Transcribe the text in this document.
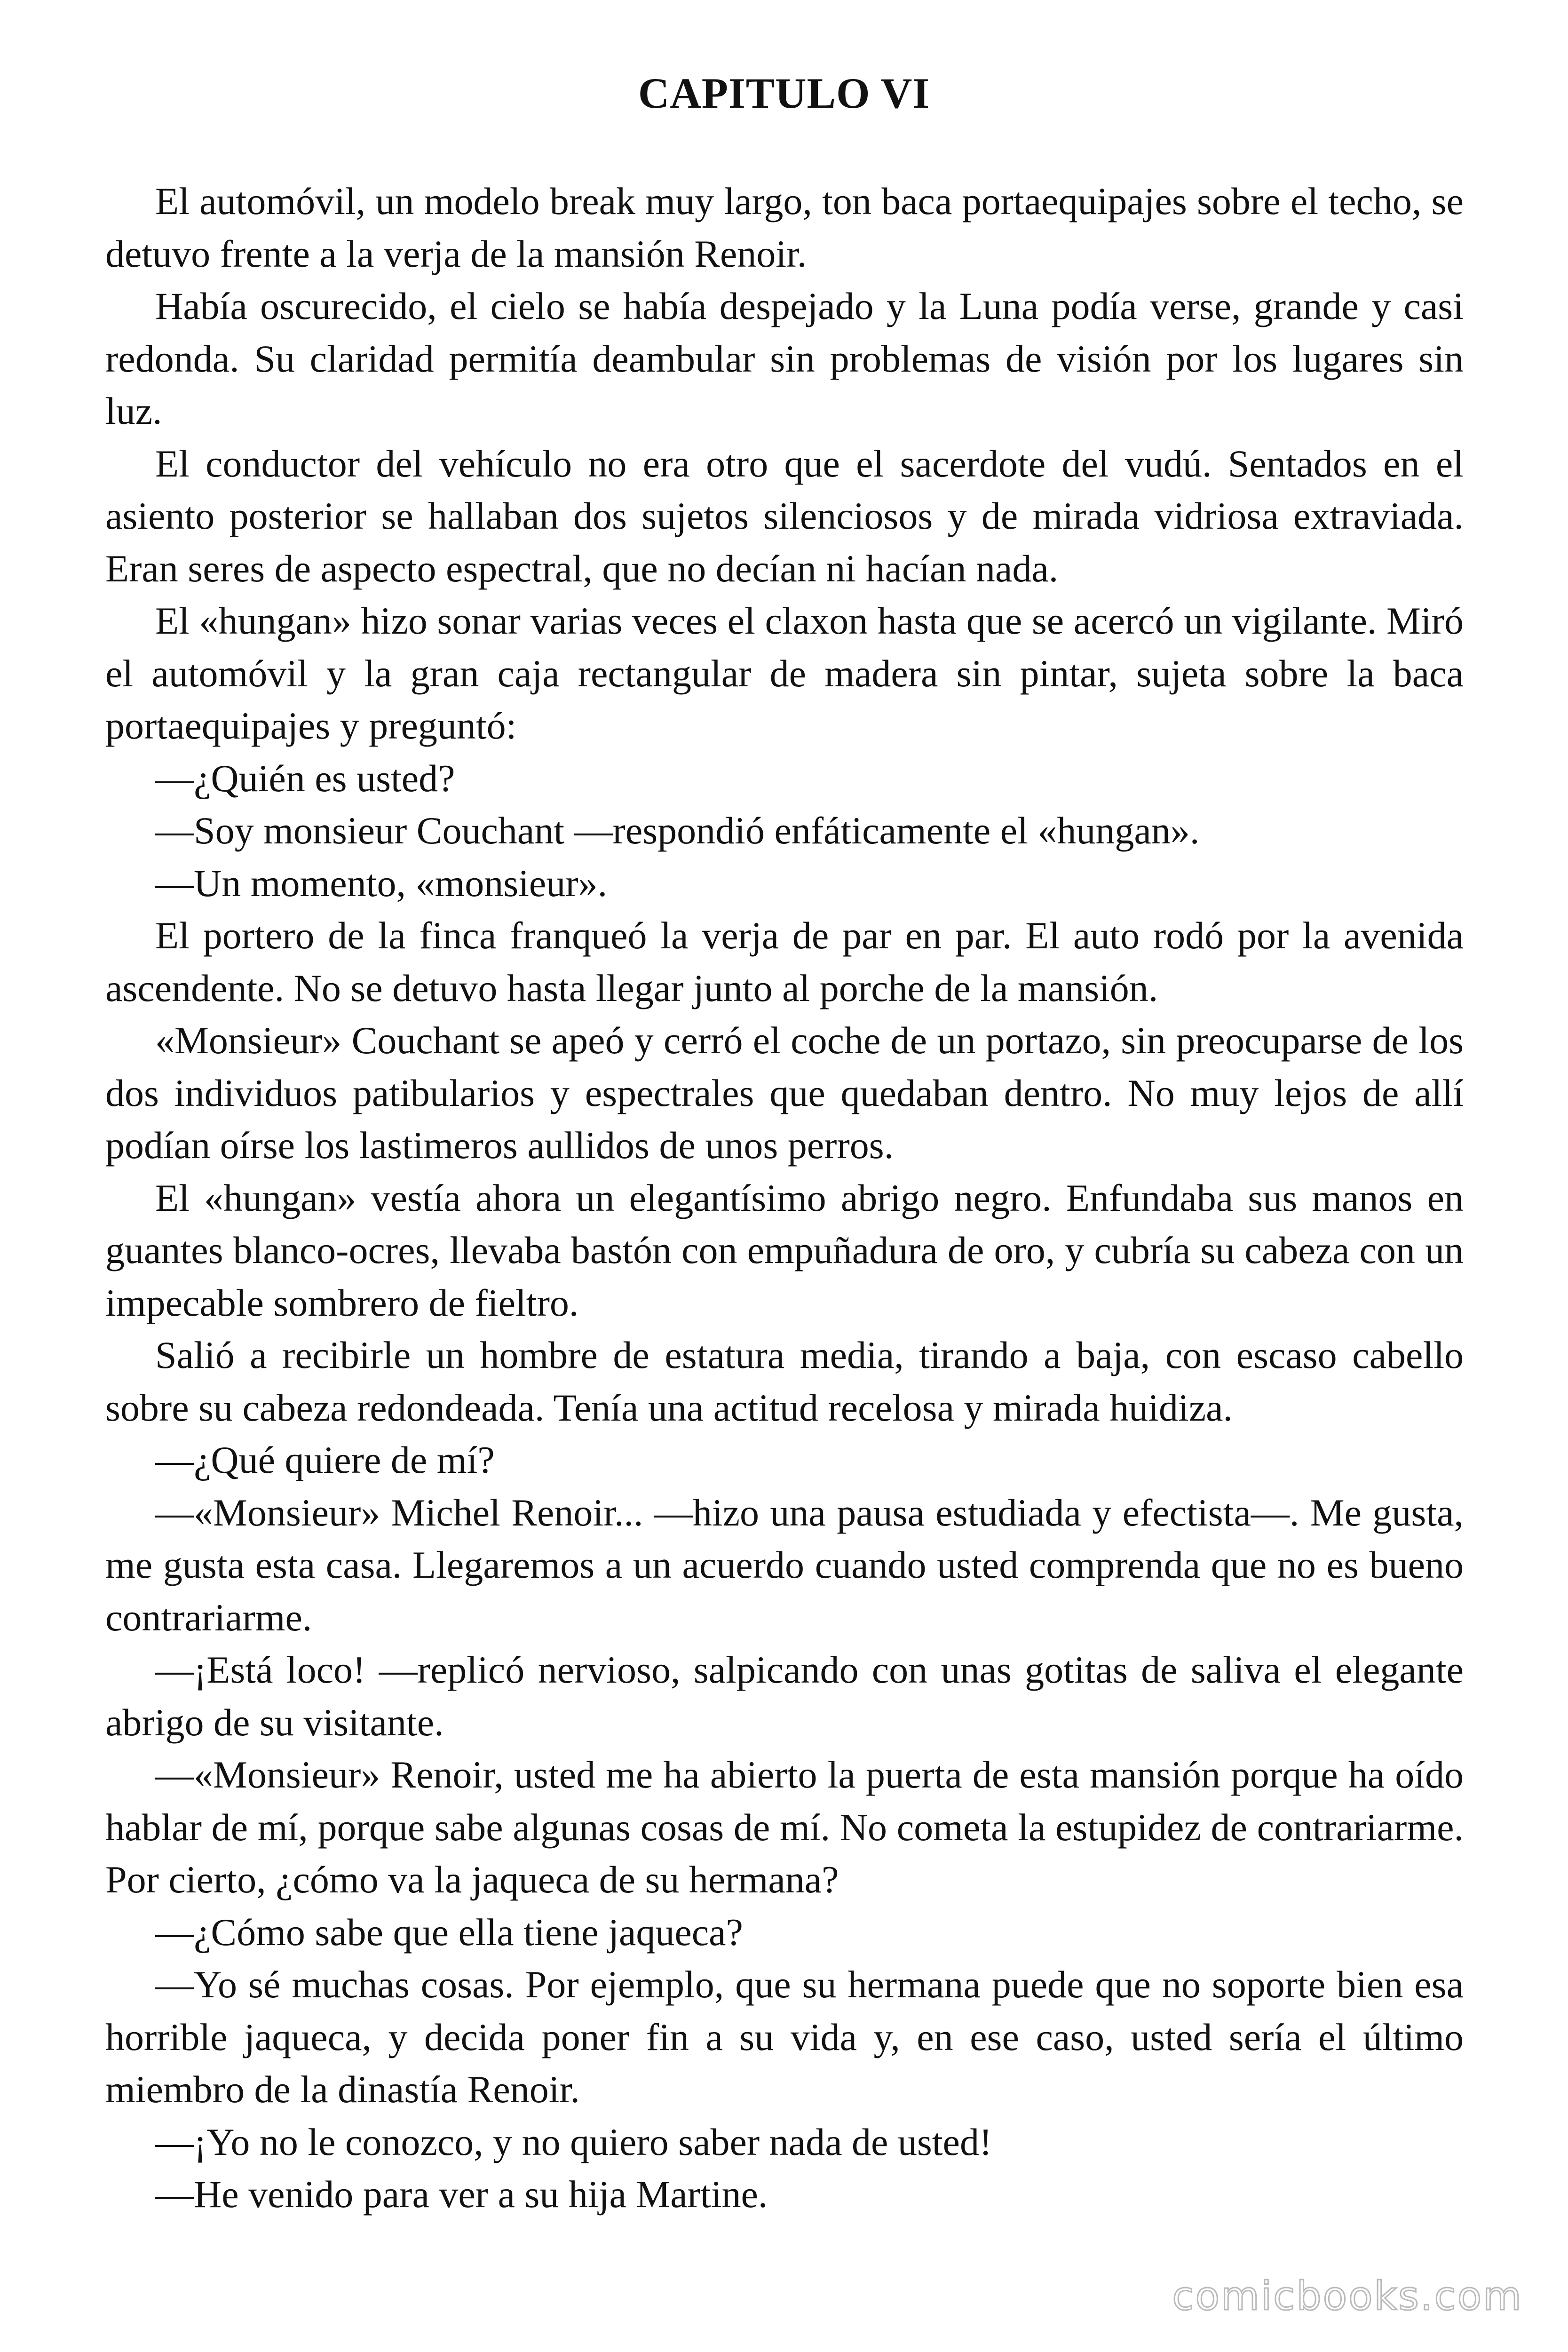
CAPITULO VI

El automóvil, un modelo break muy largo, ton baca portaequipajes sobre el techo, se detuvo frente a la verja de la mansión Renoir.

Había oscurecido, el cielo se había despejado y la Luna podía verse, grande y casi redonda. Su claridad permitía deambular sin problemas de visión por los lugares sin luz.

El conductor del vehículo no era otro que el sacerdote del vudú. Sentados en el asiento posterior se hallaban dos sujetos silenciosos y de mirada vidriosa extraviada. Eran seres de aspecto espectral, que no decían ni hacían nada.

El «hungan» hizo sonar varias veces el claxon hasta que se acercó un vigilante. Miró el automóvil y la gran caja rectangular de madera sin pintar, sujeta sobre la baca portaequipajes y preguntó:

—¿Quién es usted?

—Soy monsieur Couchant —respondió enfáticamente el «hungan».

—Un momento, «monsieur».

El portero de la finca franqueó la verja de par en par. El auto rodó por la avenida ascendente. No se detuvo hasta llegar junto al porche de la mansión.

«Monsieur» Couchant se apeó y cerró el coche de un portazo, sin preocuparse de los dos individuos patibularios y espectrales que quedaban dentro. No muy lejos de allí podían oírse los lastimeros aullidos de unos perros.

El «hungan» vestía ahora un elegantísimo abrigo negro. Enfundaba sus manos en guantes blanco-ocres, llevaba bastón con empuñadura de oro, y cubría su cabeza con un impecable sombrero de fieltro.

Salió a recibirle un hombre de estatura media, tirando a baja, con escaso cabello sobre su cabeza redondeada. Tenía una actitud recelosa y mirada huidiza.

—¿Qué quiere de mí?

—«Monsieur» Michel Renoir... —hizo una pausa estudiada y efectista—. Me gusta, me gusta esta casa. Llegaremos a un acuerdo cuando usted comprenda que no es bueno contrariarme.

—¡Está loco! —replicó nervioso, salpicando con unas gotitas de saliva el elegante abrigo de su visitante.

—«Monsieur» Renoir, usted me ha abierto la puerta de esta mansión porque ha oído hablar de mí, porque sabe algunas cosas de mí. No cometa la estupidez de contrariarme. Por cierto, ¿cómo va la jaqueca de su hermana?

—¿Cómo sabe que ella tiene jaqueca?

—Yo sé muchas cosas. Por ejemplo, que su hermana puede que no soporte bien esa horrible jaqueca, y decida poner fin a su vida y, en ese caso, usted sería el último miembro de la dinastía Renoir.

—¡Yo no le conozco, y no quiero saber nada de usted!

—He venido para ver a su hija Martine.

comicbooks.com
